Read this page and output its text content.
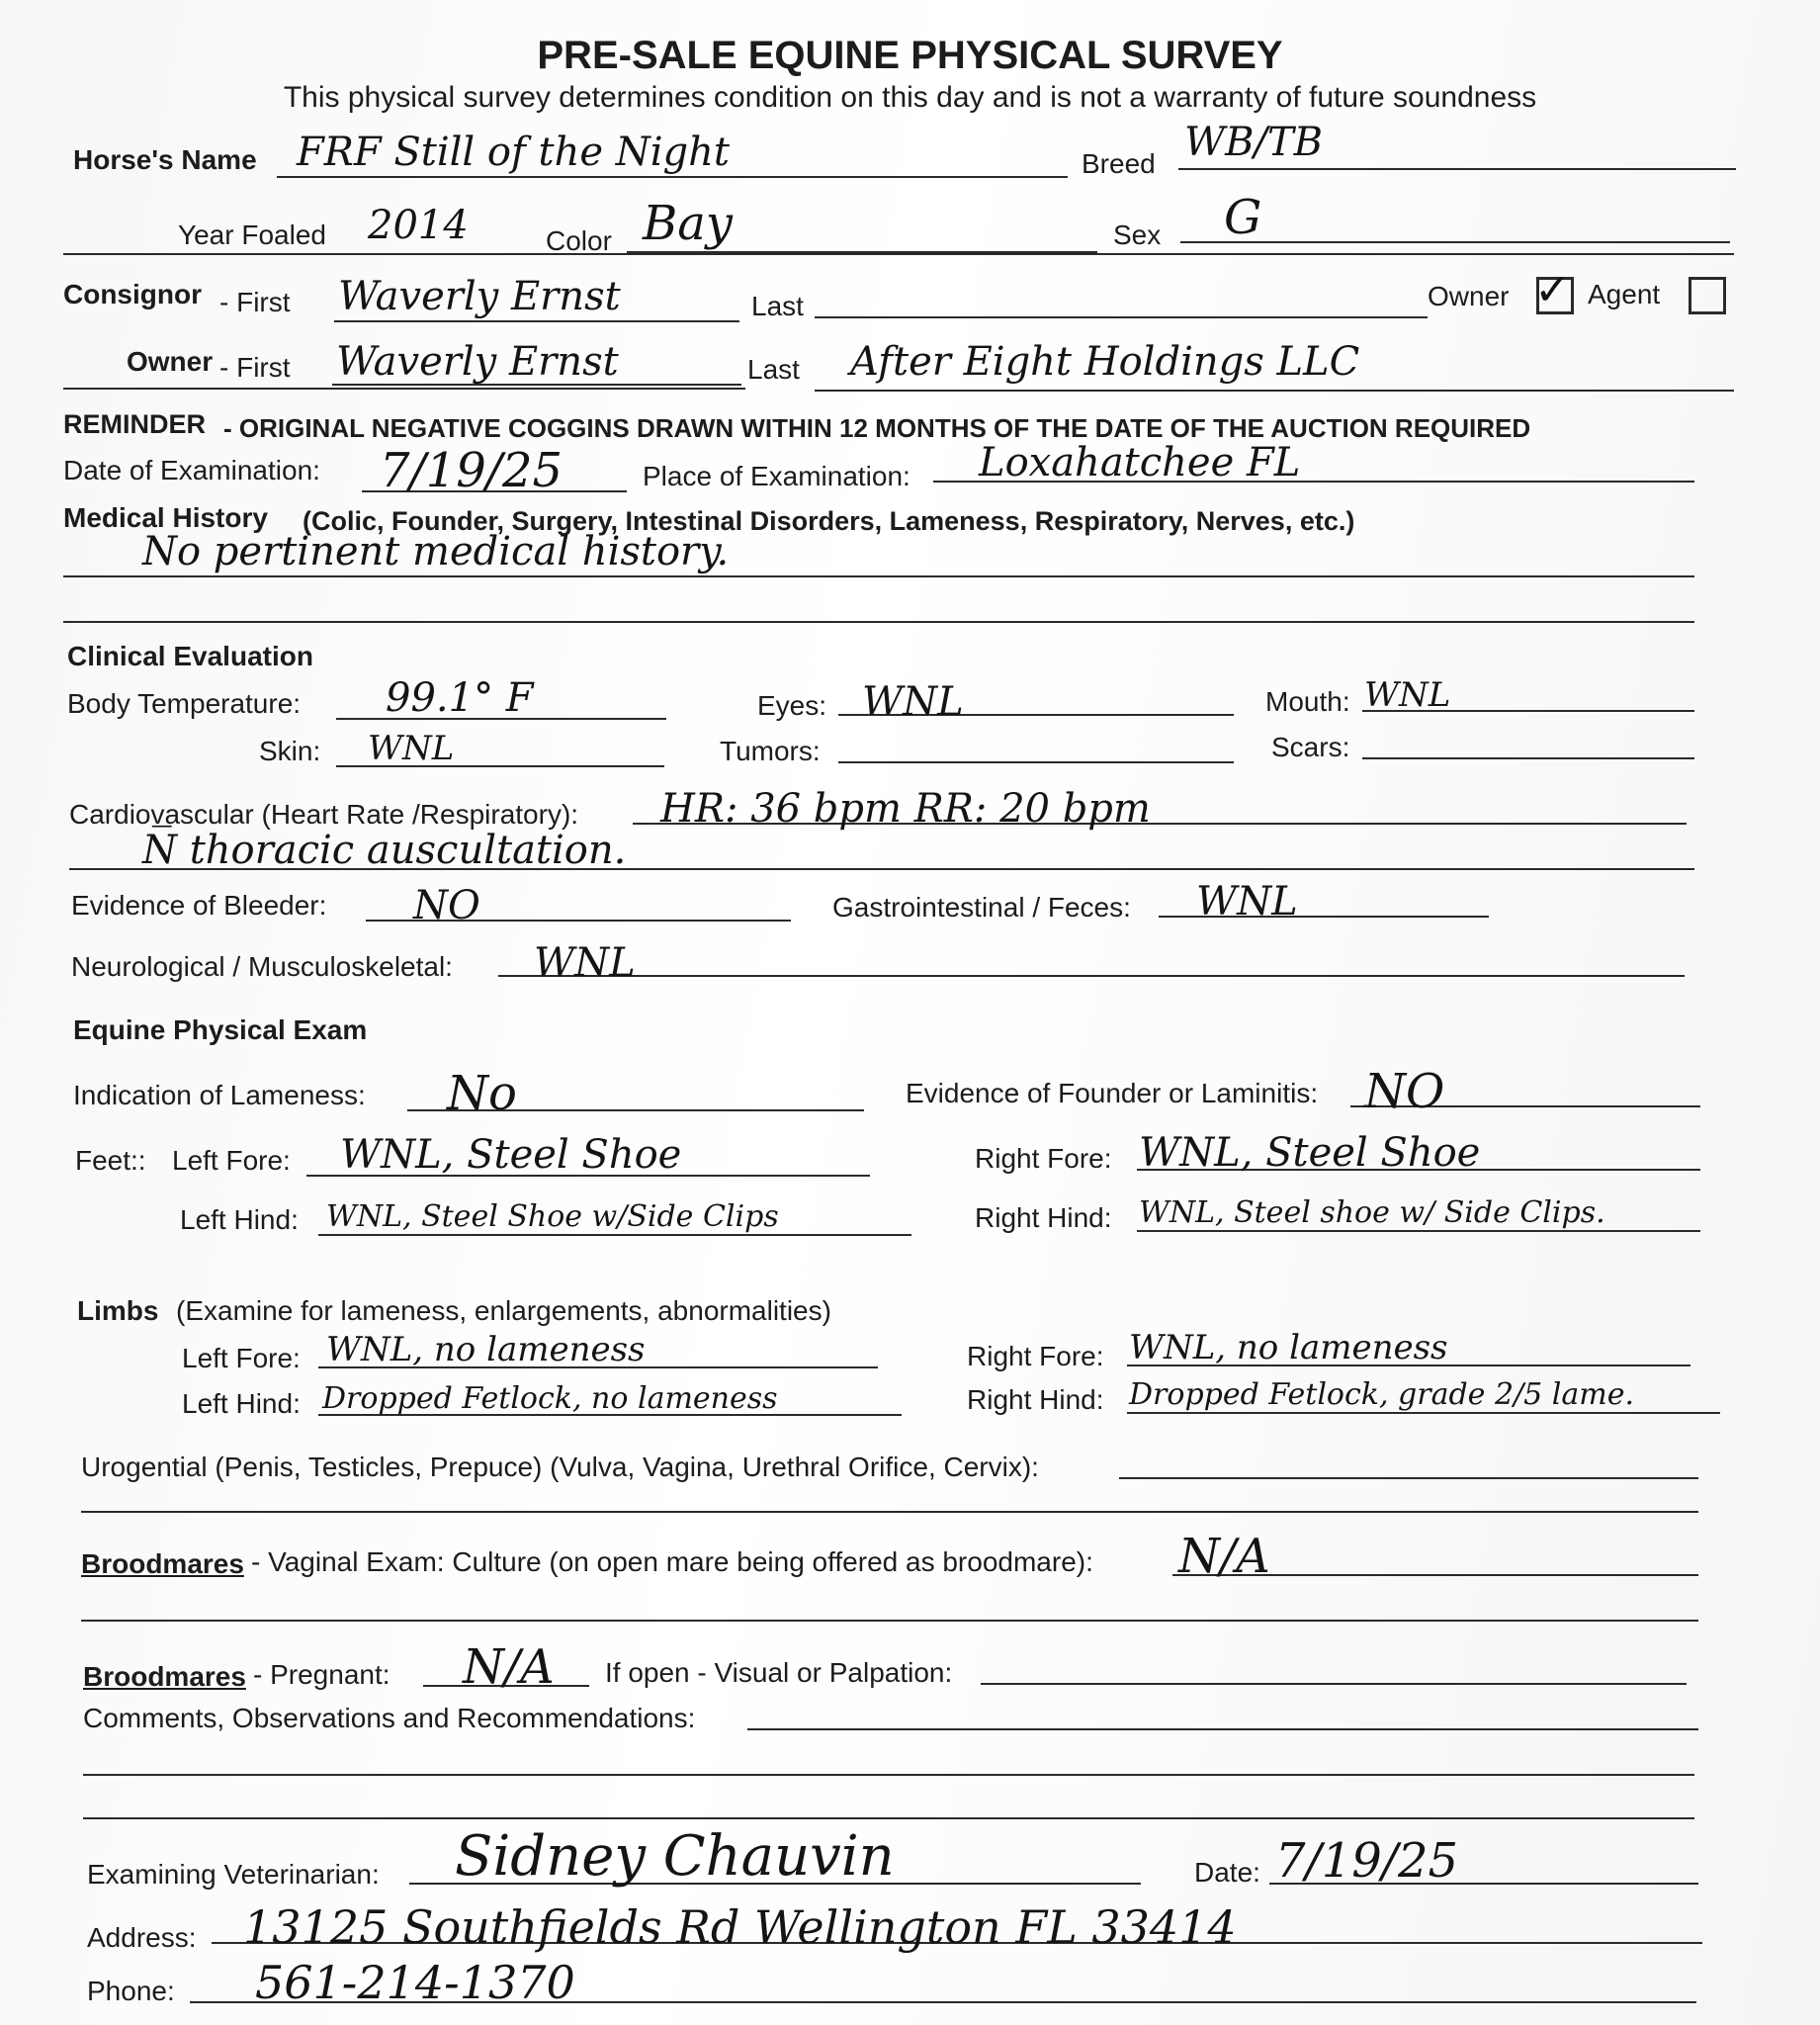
PRE-SALE EQUINE PHYSICAL SURVEY
This physical survey determines condition on this day and is not a warranty of future soundness
Horse's Name FRF Still of the Night	Breed WB/TB
Year Foaled 2014	Color Bay	Sex G
Consignor - First Waverly Ernst	Last	Owner ✓ Agent
Owner - First Waverly Ernst	Last After Eight Holdings LLC
REMINDER - ORIGINAL NEGATIVE COGGINS DRAWN WITHIN 12 MONTHS OF THE DATE OF THE AUCTION REQUIRED
Date of Examination: 7/19/25	Place of Examination: Loxahatchee FL
Medical History (Colic, Founder, Surgery, Intestinal Disorders, Lameness, Respiratory, Nerves, etc.)
No pertinent medical history.
Clinical Evaluation
Body Temperature: 99.1° F	Eyes: WNL	Mouth: WNL
Skin: WNL	Tumors:	Scars:
Cardiovascular (Heart Rate /Respiratory): HR: 36 bpm RR: 20 bpm
N̅ thoracic auscultation.
Evidence of Bleeder: NO	Gastrointestinal / Feces: WNL
Neurological / Musculoskeletal: WNL
Equine Physical Exam
Indication of Lameness: No	Evidence of Founder or Laminitis: NO
Feet:: Left Fore: WNL, Steel Shoe	Right Fore: WNL, Steel Shoe
Left Hind: WNL, Steel Shoe w/Side Clips	Right Hind: WNL, Steel shoe w/ Side Clips.
Limbs (Examine for lameness, enlargements, abnormalities)
Left Fore: WNL, no lameness	Right Fore: WNL, no lameness
Left Hind: Dropped Fetlock, no lameness	Right Hind: Dropped Fetlock, grade 2/5 lame.
Urogential (Penis, Testicles, Prepuce) (Vulva, Vagina, Urethral Orifice, Cervix):
Broodmares - Vaginal Exam: Culture (on open mare being offered as broodmare): N/A
Broodmares - Pregnant: N/A If open - Visual or Palpation:
Comments, Observations and Recommendations:
Examining Veterinarian: Sidney Chauvin	Date: 7/19/25
Address: 13125 Southfields Rd Wellington FL 33414
Phone: 561-214-1370
